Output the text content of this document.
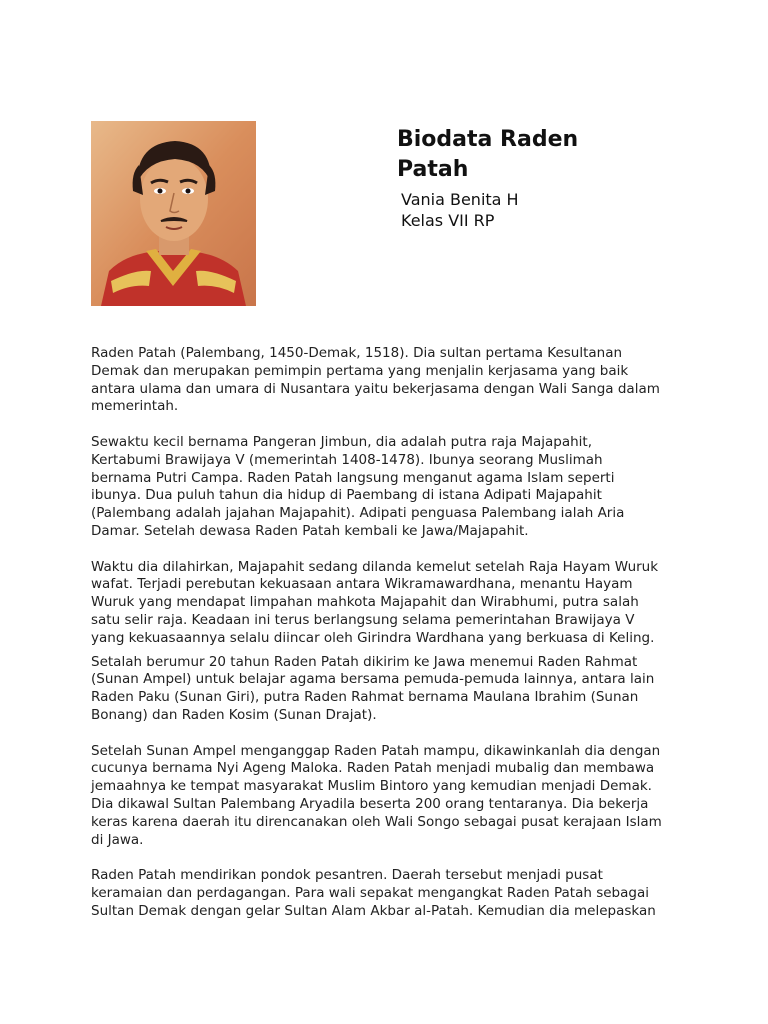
Biodata Raden Patah
Vania Benita H
Kelas VII RP
Raden Patah (Palembang, 1450-Demak, 1518). Dia sultan pertama Kesultanan
Demak dan merupakan pemimpin pertama yang menjalin kerjasama yang baik
antara ulama dan umara di Nusantara yaitu bekerjasama dengan Wali Sanga dalam
memerintah.
Sewaktu kecil bernama Pangeran Jimbun, dia adalah putra raja Majapahit,
Kertabumi Brawijaya V (memerintah 1408-1478). Ibunya seorang Muslimah
bernama Putri Campa. Raden Patah langsung menganut agama Islam seperti
ibunya. Dua puluh tahun dia hidup di Paembang di istana Adipati Majapahit
(Palembang adalah jajahan Majapahit). Adipati penguasa Palembang ialah Aria
Damar. Setelah dewasa Raden Patah kembali ke Jawa/Majapahit.
Waktu dia dilahirkan, Majapahit sedang dilanda kemelut setelah Raja Hayam Wuruk
wafat. Terjadi perebutan kekuasaan antara Wikramawardhana, menantu Hayam
Wuruk yang mendapat limpahan mahkota Majapahit dan Wirabhumi, putra salah
satu selir raja. Keadaan ini terus berlangsung selama pemerintahan Brawijaya V
yang kekuasaannya selalu diincar oleh Girindra Wardhana yang berkuasa di Keling.
Setalah berumur 20 tahun Raden Patah dikirim ke Jawa menemui Raden Rahmat
(Sunan Ampel) untuk belajar agama bersama pemuda-pemuda lainnya, antara lain
Raden Paku (Sunan Giri), putra Raden Rahmat bernama Maulana Ibrahim (Sunan
Bonang) dan Raden Kosim (Sunan Drajat).
Setelah Sunan Ampel menganggap Raden Patah mampu, dikawinkanlah dia dengan
cucunya bernama Nyi Ageng Maloka. Raden Patah menjadi mubalig dan membawa
jemaahnya ke tempat masyarakat Muslim Bintoro yang kemudian menjadi Demak.
Dia dikawal Sultan Palembang Aryadila beserta 200 orang tentaranya. Dia bekerja
keras karena daerah itu direncanakan oleh Wali Songo sebagai pusat kerajaan Islam
di Jawa.
Raden Patah mendirikan pondok pesantren. Daerah tersebut menjadi pusat
keramaian dan perdagangan. Para wali sepakat mengangkat Raden Patah sebagai
Sultan Demak dengan gelar Sultan Alam Akbar al-Patah. Kemudian dia melepaskan
